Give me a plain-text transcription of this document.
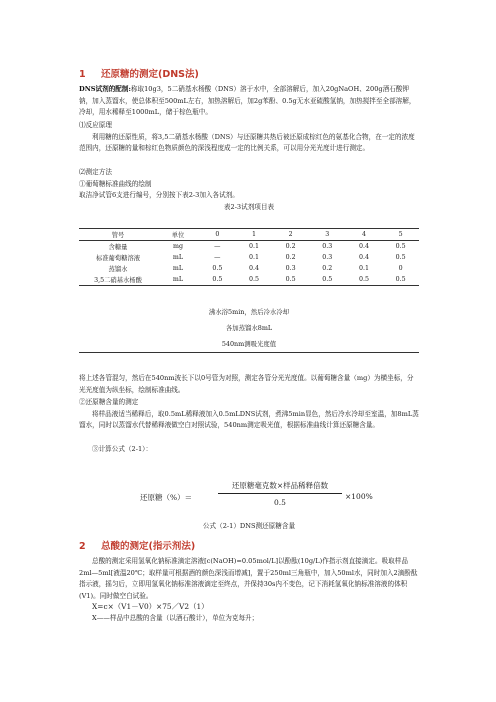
1 还原糖的测定(DNS法)

DNS试剂的配制:称取10g3，5二硝基水杨酸（DNS）溶于水中，全部溶解后，加入20gNaOH、200g酒石酸钾钠，加入蒸馏水，使总体积至500mL左右，加热溶解后，加2g苯酚、0.5g无水亚硫酸氢钠，加热搅拌至全部溶解，冷却，用水稀释至1000mL，储于棕色瓶中。

⑴反应原理

利用糖的还原性质，将3,5二硝基水杨酸（DNS）与还原糖共热后被还原成棕红色的氨基化合物，在一定的浓度范围内，还原糖的量和棕红色物质颜色的深浅程度成一定的比例关系，可以用分光光度计进行测定。

⑵测定方法
①葡萄糖标准曲线的绘制
取洁净试管6支进行编号，分别按下表2-3加入各试剂。
表2-3试剂项目表
管号	单位	0	1	2	3	4	5
含糖量	mg	—	0.1	0.2	0.3	0.4	0.5
标准葡萄糖溶液	mL	—	0.1	0.2	0.3	0.4	0.5
蒸馏水	mL	0.5	0.4	0.3	0.2	0.1	0
3,5二硝基水杨酸	mL	0.5	0.5	0.5	0.5	0.5	0.5
沸水浴5min，然后冷水冷却
各加蒸馏水8mL
540nm测吸光度值

将上述各管混匀，然后在540nm波长下以0号管为对照，测定各管分光光度值。以葡萄糖含量（mg）为横坐标，分光光度值为纵坐标，绘制标准曲线。

②还原糖含量的测定

将样品液适当稀释后，取0.5mL稀释液加入0.5mLDNS试剂，煮沸5min显色，然后冷水冷却至室温，加8mL蒸馏水，同时以蒸馏水代替稀释液做空白对照试验，540nm测定吸光值，根据标准曲线计算还原糖含量。

③计算公式（2-1）：
还原糖（%）＝
还原糖毫克数×样品稀释倍数
0.5
×100%
公式（2-1）DNS测还原糖含量
2 总酸的测定(指示剂法)

总酸的测定采用氢氧化钠标准滴定溶液[c(NaOH)=0.05mol/L]以酚酞(10g/L)作指示剂直接滴定。吸取样品2ml—5ml[液温20℃；取样量可根据酒的颜色深浅而增减]，置于250ml三角瓶中，加入50ml水，同时加入2滴酚酞指示液，摇匀后，立即用氢氧化钠标准溶液滴定至终点，并保持30s内不变色，记下消耗氢氧化钠标准溶液的体积(V1)。同时做空白试验。

X=c×（V1－V0）×75／V2（1）
X——样品中总酸的含量（以酒石酸计），单位为克每升；
